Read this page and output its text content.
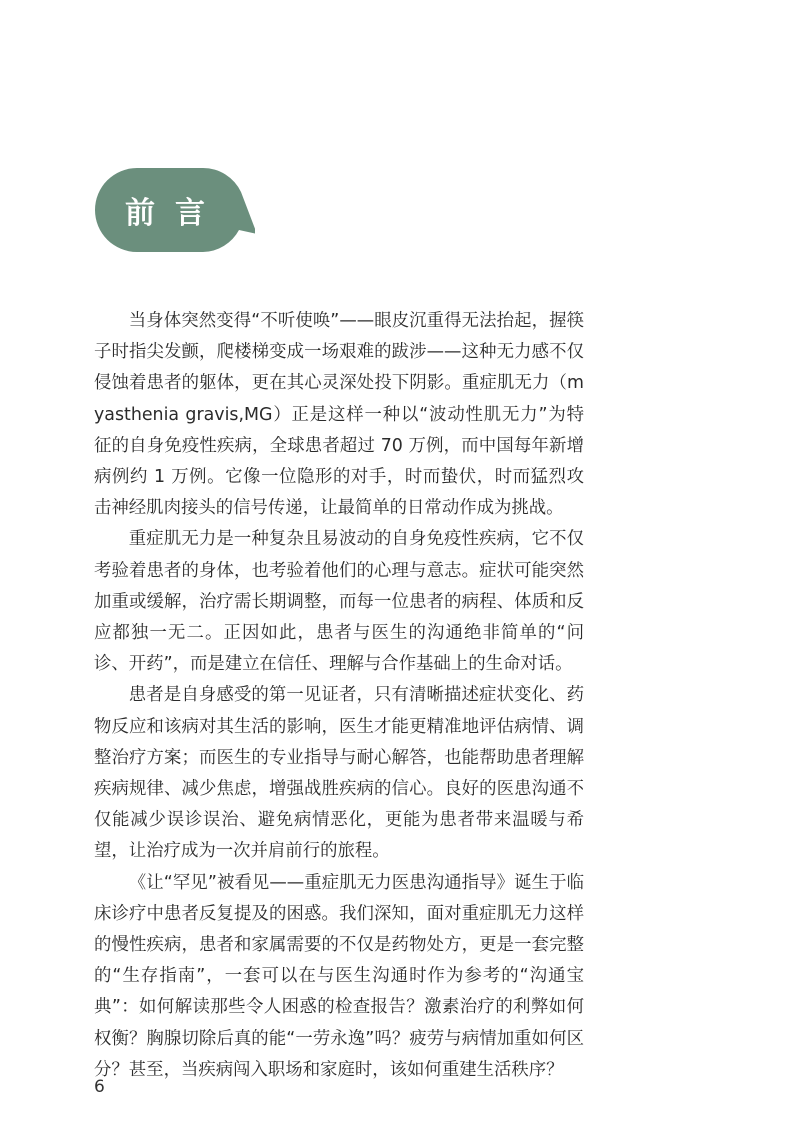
前言

当身体突然变得“不听使唤”——眼皮沉重得无法抬起，握筷子时指尖发颤，爬楼梯变成一场艰难的跋涉——这种无力感不仅侵蚀着患者的躯体，更在其心灵深处投下阴影。重症肌无力（myasthenia gravis,MG）正是这样一种以“波动性肌无力”为特征的自身免疫性疾病，全球患者超过 70 万例，而中国每年新增病例约 1 万例。它像一位隐形的对手，时而蛰伏，时而猛烈攻击神经肌肉接头的信号传递，让最简单的日常动作成为挑战。

重症肌无力是一种复杂且易波动的自身免疫性疾病，它不仅考验着患者的身体，也考验着他们的心理与意志。症状可能突然加重或缓解，治疗需长期调整，而每一位患者的病程、体质和反应都独一无二。正因如此，患者与医生的沟通绝非简单的“问诊、开药”，而是建立在信任、理解与合作基础上的生命对话。

患者是自身感受的第一见证者，只有清晰描述症状变化、药物反应和该病对其生活的影响，医生才能更精准地评估病情、调整治疗方案；而医生的专业指导与耐心解答，也能帮助患者理解疾病规律、减少焦虑，增强战胜疾病的信心。良好的医患沟通不仅能减少误诊误治、避免病情恶化，更能为患者带来温暖与希望，让治疗成为一次并肩前行的旅程。

《让“罕见”被看见——重症肌无力医患沟通指导》诞生于临床诊疗中患者反复提及的困惑。我们深知，面对重症肌无力这样的慢性疾病，患者和家属需要的不仅是药物处方，更是一套完整的“生存指南”，一套可以在与医生沟通时作为参考的“沟通宝典”：如何解读那些令人困惑的检查报告？激素治疗的利弊如何权衡？胸腺切除后真的能“一劳永逸”吗？疲劳与病情加重如何区分？甚至，当疾病闯入职场和家庭时，该如何重建生活秩序？

6
